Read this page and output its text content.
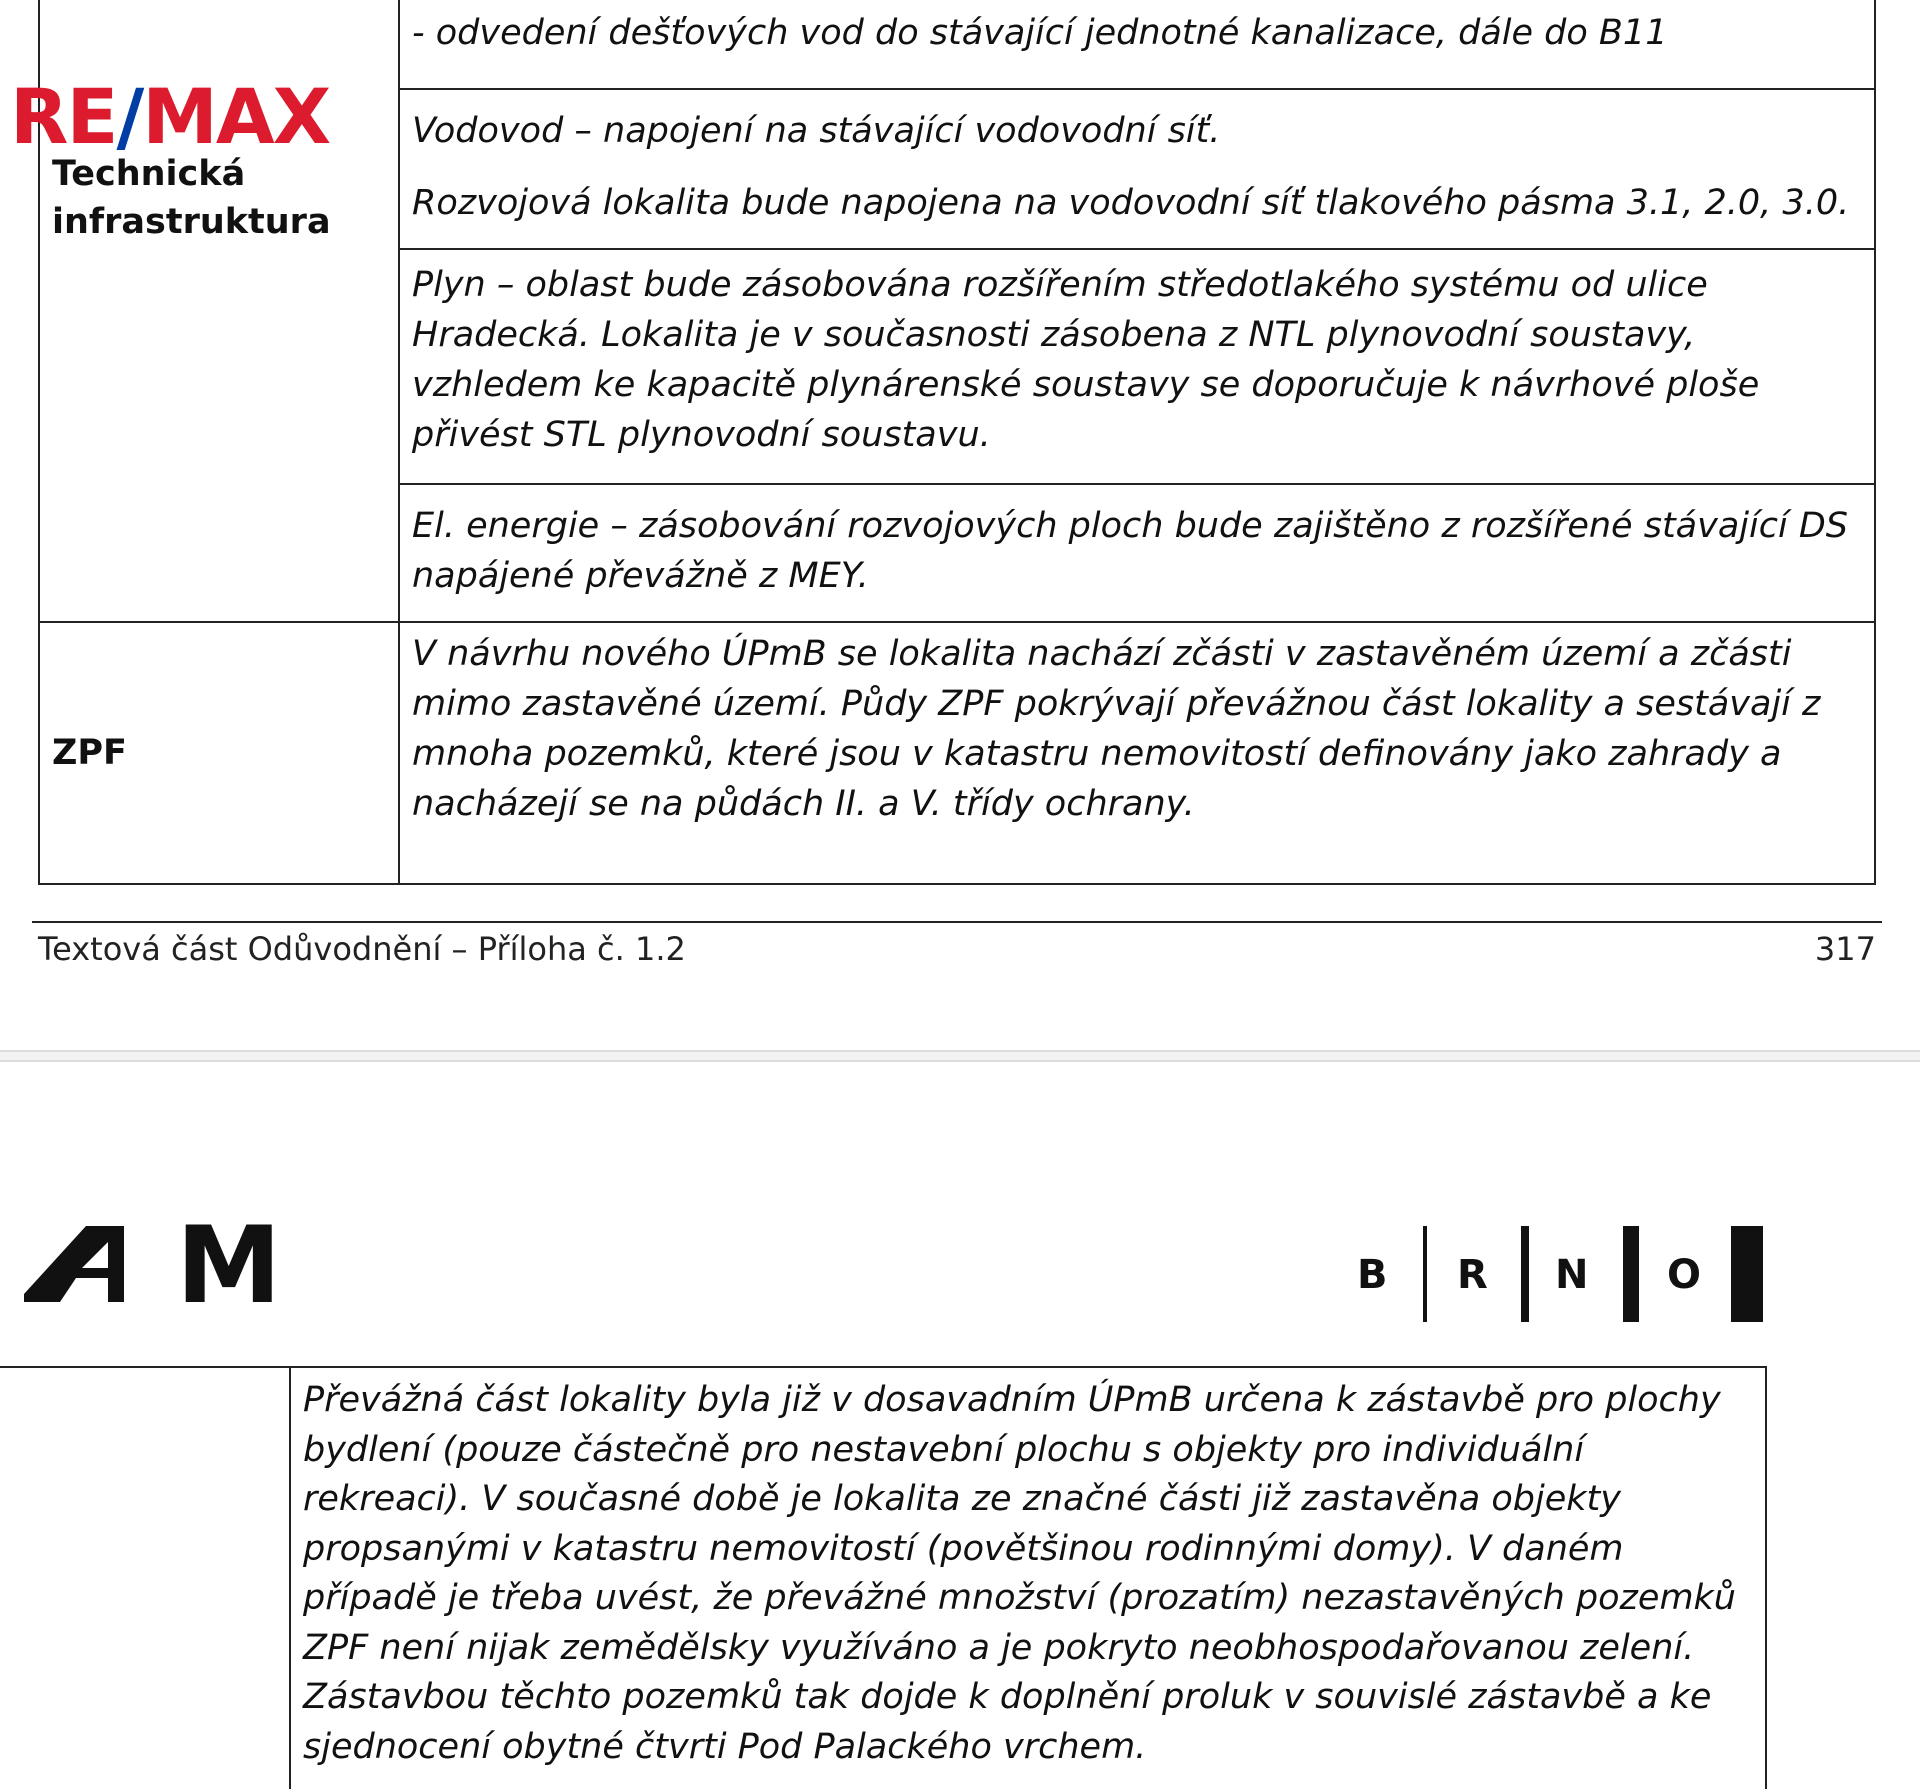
Technická infrastruktura	- odvedení dešťových vod do stávající jednotné kanalizace, dále do B11

	Vodovod – napojení na stávající vodovodní síť.

Rozvojová lokalita bude napojena na vodovodní síť tlakového pásma 3.1, 2.0, 3.0.

	Plyn – oblast bude zásobována rozšířením středotlakého systému od ulice Hradecká. Lokalita je v současnosti zásobena z NTL plynovodní soustavy, vzhledem ke kapacitě plynárenské soustavy se doporučuje k návrhové ploše přivést STL plynovodní soustavu.

	El. energie – zásobování rozvojových ploch bude zajištěno z rozšířené stávající DS napájené převážně z MEY.

ZPF	V návrhu nového ÚPmB se lokalita nachází zčásti v zastavěném území a zčásti mimo zastavěné území. Půdy ZPF pokrývají převážnou část lokality a sestávají z mnoha pozemků, které jsou v katastru nemovitostí definovány jako zahrady a nacházejí se na půdách II. a V. třídy ochrany.

RE/MAX
Textová část Odůvodnění – Příloha č. 1.2	317
M	B R N O

Převážná část lokality byla již v dosavadním ÚPmB určena k zástavbě pro plochy bydlení (pouze částečně pro nestavební plochu s objekty pro individuální rekreaci). V současné době je lokalita ze značné části již zastavěna objekty propsanými v katastru nemovitostí (povětšinou rodinnými domy). V daném případě je třeba uvést, že převážné množství (prozatím) nezastavěných pozemků ZPF není nijak zemědělsky využíváno a je pokryto neobhospodařovanou zelení. Zástavbou těchto pozemků tak dojde k doplnění proluk v souvislé zástavbě a ke sjednocení obytné čtvrti Pod Palackého vrchem.
